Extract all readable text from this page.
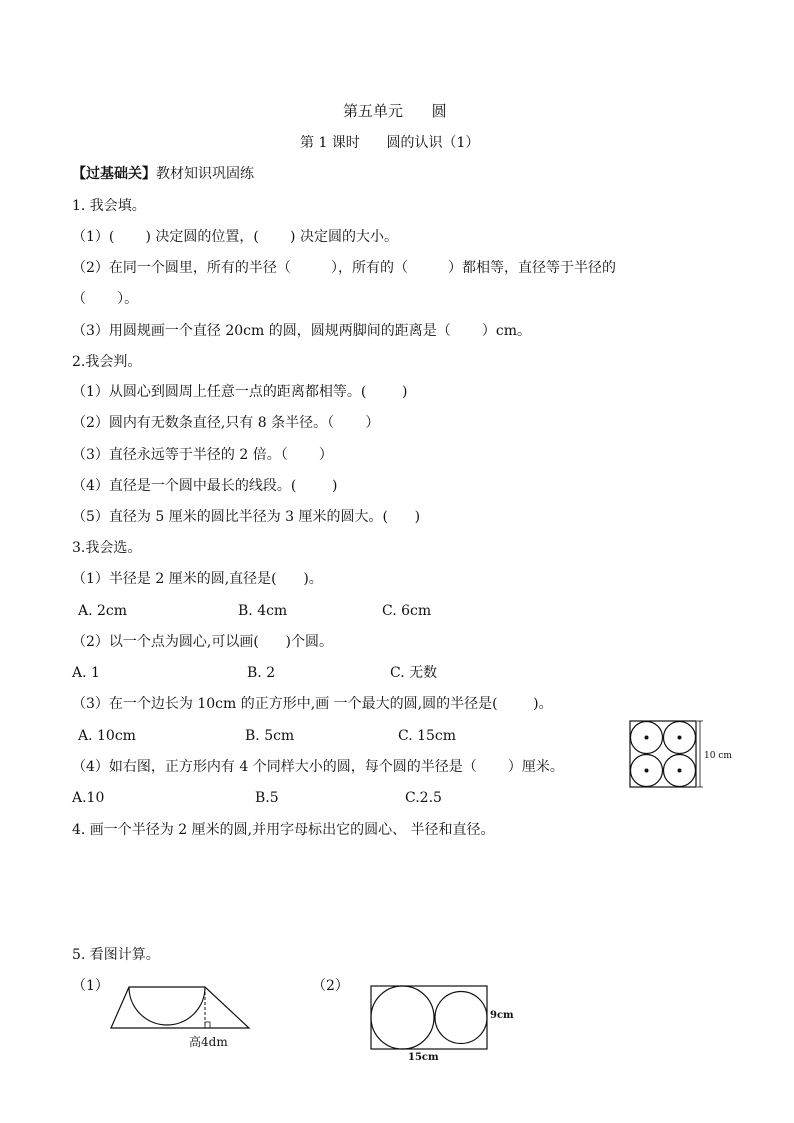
第五单元      圆
第 1 课时      圆的认识（1）
【过基础关】教材知识巩固练
1. 我会填。
（1）(       ) 决定圆的位置，(       ) 决定圆的大小。
（2）在同一个圆里，所有的半径（         ），所有的（         ）都相等，直径等于半径的
（       ）。
（3）用圆规画一个直径 20cm 的圆，圆规两脚间的距离是（       ）cm。
2.我会判。
（1）从圆心到圆周上任意一点的距离都相等。(        )
（2）圆内有无数条直径,只有 8 条半径。（       ）
（3）直径永远等于半径的 2 倍。（       ）
（4）直径是一个圆中最长的线段。(        )
（5）直径为 5 厘米的圆比半径为 3 厘米的圆大。(      )
3.我会选。
（1）半径是 2 厘米的圆,直径是(      )。
A. 2cm	B. 4cm	C. 6cm
（2）以一个点为圆心,可以画(      )个圆。
A. 1	B. 2	C. 无数
（3）在一个边长为 10cm 的正方形中,画 一个最大的圆,圆的半径是(        )。
A. 10cm	B. 5cm	C. 15cm
（4）如右图，正方形内有 4 个同样大小的圆，每个圆的半径是（       ）厘米。
A.10	B.5	C.2.5
10 cm
4. 画一个半径为 2 厘米的圆,并用字母标出它的圆心、 半径和直径。
5. 看图计算。
（1）	（2）
高4dm
9cm
15cm
